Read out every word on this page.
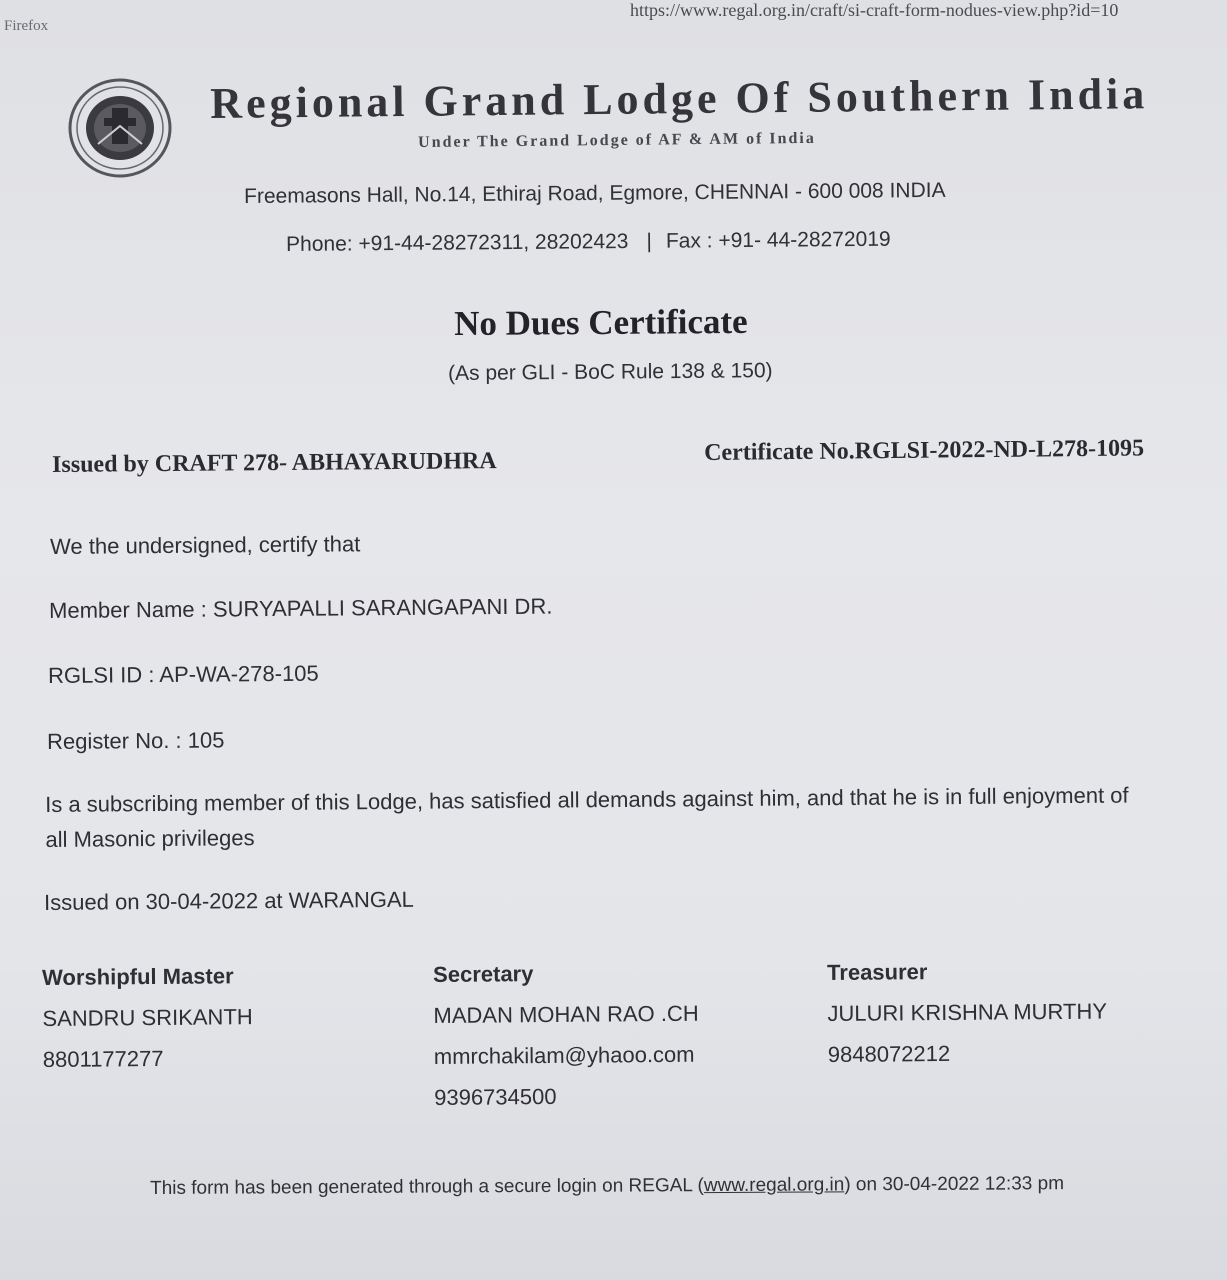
Firefox
https://www.regal.org.in/craft/si-craft-form-nodues-view.php?id=10
Regional Grand Lodge Of Southern India
Under The Grand Lodge of AF & AM of India
Freemasons Hall, No.14, Ethiraj Road, Egmore, CHENNAI - 600 008 INDIA
Phone: +91-44-28272311, 28202423 | Fax : +91- 44-28272019
No Dues Certificate
(As per GLI - BoC Rule 138 & 150)
Issued by CRAFT 278- ABHAYARUDHRA	Certificate No.RGLSI-2022-ND-L278-1095
We the undersigned, certify that
Member Name : SURYAPALLI SARANGAPANI DR.
RGLSI ID : AP-WA-278-105
Register No. : 105
Is a subscribing member of this Lodge, has satisfied all demands against him, and that he is in full enjoyment of all Masonic privileges
Issued on 30-04-2022 at WARANGAL
Worshipful Master
SANDRU SRIKANTH
8801177277
Secretary
MADAN MOHAN RAO .CH
mmrchakilam@yhaoo.com
9396734500
Treasurer
JULURI KRISHNA MURTHY
9848072212
This form has been generated through a secure login on REGAL (www.regal.org.in) on 30-04-2022 12:33 pm
